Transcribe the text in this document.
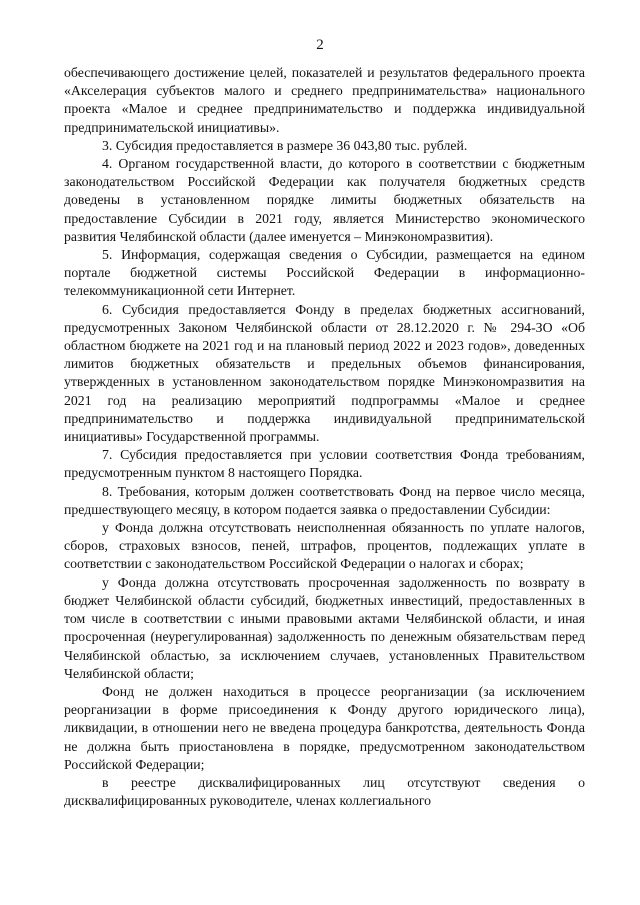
2

обеспечивающего достижение целей, показателей и результатов федерального проекта «Акселерация субъектов малого и среднего предпринимательства» национального проекта «Малое и среднее предпринимательство и поддержка индивидуальной предпринимательской инициативы».

3. Субсидия предоставляется в размере 36 043,80 тыс. рублей.

4. Органом государственной власти, до которого в соответствии с бюджетным законодательством Российской Федерации как получателя бюджетных средств доведены в установленном порядке лимиты бюджетных обязательств на предоставление Субсидии в 2021 году, является Министерство экономического развития Челябинской области (далее именуется – Минэкономразвития).

5. Информация, содержащая сведения о Субсидии, размещается на едином портале бюджетной системы Российской Федерации в информационно-телекоммуникационной сети Интернет.

6. Субсидия предоставляется Фонду в пределах бюджетных ассигнований, предусмотренных Законом Челябинской области от 28.12.2020 г. № 294-ЗО «Об областном бюджете на 2021 год и на плановый период 2022 и 2023 годов», доведенных лимитов бюджетных обязательств и предельных объемов финансирования, утвержденных в установленном законодательством порядке Минэкономразвития на 2021 год на реализацию мероприятий подпрограммы «Малое и среднее предпринимательство и поддержка индивидуальной предпринимательской инициативы» Государственной программы.

7. Субсидия предоставляется при условии соответствия Фонда требованиям, предусмотренным пунктом 8 настоящего Порядка.

8. Требования, которым должен соответствовать Фонд на первое число месяца, предшествующего месяцу, в котором подается заявка о предоставлении Субсидии:

у Фонда должна отсутствовать неисполненная обязанность по уплате налогов, сборов, страховых взносов, пеней, штрафов, процентов, подлежащих уплате в соответствии с законодательством Российской Федерации о налогах и сборах;

у Фонда должна отсутствовать просроченная задолженность по возврату в бюджет Челябинской области субсидий, бюджетных инвестиций, предоставленных в том числе в соответствии с иными правовыми актами Челябинской области, и иная просроченная (неурегулированная) задолженность по денежным обязательствам перед Челябинской областью, за исключением случаев, установленных Правительством Челябинской области;

Фонд не должен находиться в процессе реорганизации (за исключением реорганизации в форме присоединения к Фонду другого юридического лица), ликвидации, в отношении него не введена процедура банкротства, деятельность Фонда не должна быть приостановлена в порядке, предусмотренном законодательством Российской Федерации;

в реестре дисквалифицированных лиц отсутствуют сведения о дисквалифицированных руководителе, членах коллегиального
